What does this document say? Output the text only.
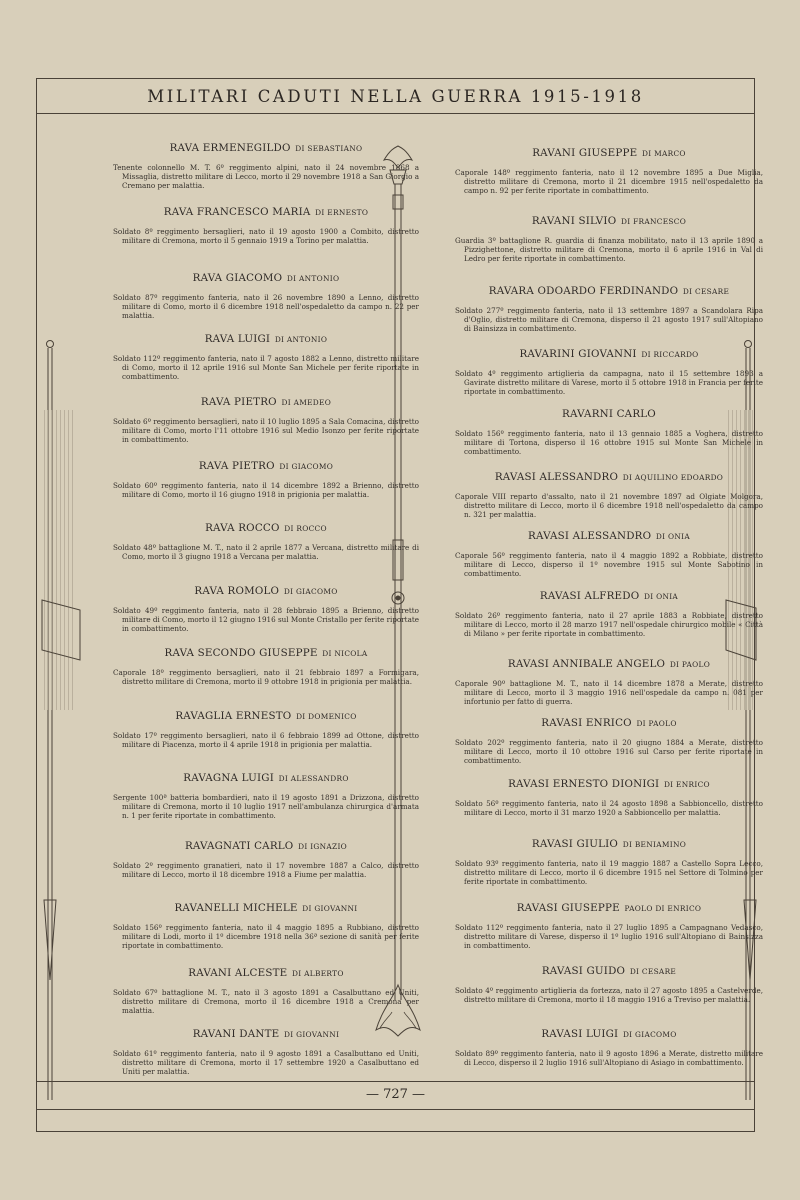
MILITARI CADUTI NELLA GUERRA 1915-1918
RAVA ERMENEGILDO DI SEBASTIANO
Tenente colonnello M. T. 6º reggimento alpini, nato il 24 novembre 1868 a Missaglia, distretto militare di Lecco, morto il 29 novembre 1918 a San Giorgio a Cremano per malattia.
RAVA FRANCESCO MARIA DI ERNESTO
Soldato 8º reggimento bersaglieri, nato il 19 agosto 1900 a Combito, distretto militare di Cremona, morto il 5 gennaio 1919 a Torino per malattia.
RAVA GIACOMO DI ANTONIO
Soldato 87º reggimento fanteria, nato il 26 novembre 1890 a Lenno, distretto militare di Como, morto il 6 dicembre 1918 nell'ospedaletto da campo n. 22 per malattia.
RAVA LUIGI DI ANTONIO
Soldato 112º reggimento fanteria, nato il 7 agosto 1882 a Lenno, distretto militare di Como, morto il 12 aprile 1916 sul Monte San Michele per ferite riportate in combattimento.
RAVA PIETRO DI AMEDEO
Soldato 6º reggimento bersaglieri, nato il 10 luglio 1895 a Sala Comacina, distretto militare di Como, morto l'11 ottobre 1916 sul Medio Isonzo per ferite riportate in combattimento.
RAVA PIETRO DI GIACOMO
Soldato 60º reggimento fanteria, nato il 14 dicembre 1892 a Brienno, distretto militare di Como, morto il 16 giugno 1918 in prigionia per malattia.
RAVA ROCCO DI ROCCO
Soldato 48º battaglione M. T., nato il 2 aprile 1877 a Vercana, distretto militare di Como, morto il 3 giugno 1918 a Vercana per malattia.
RAVA ROMOLO DI GIACOMO
Soldato 49º reggimento fanteria, nato il 28 febbraio 1895 a Brienno, distretto militare di Como, morto il 12 giugno 1916 sul Monte Cristallo per ferite riportate in combattimento.
RAVA SECONDO GIUSEPPE DI NICOLA
Caporale 18º reggimento bersaglieri, nato il 21 febbraio 1897 a Formigara, distretto militare di Cremona, morto il 9 ottobre 1918 in prigionia per malattia.
RAVAGLIA ERNESTO DI DOMENICO
Soldato 17º reggimento bersaglieri, nato il 6 febbraio 1899 ad Ottone, distretto militare di Piacenza, morto il 4 aprile 1918 in prigionia per malattia.
RAVAGNA LUIGI DI ALESSANDRO
Sergente 100ª batteria bombardieri, nato il 19 agosto 1891 a Drizzona, distretto militare di Cremona, morto il 10 luglio 1917 nell'ambulanza chirurgica d'armata n. 1 per ferite riportate in combattimento.
RAVAGNATI CARLO DI IGNAZIO
Soldato 2º reggimento granatieri, nato il 17 novembre 1887 a Calco, distretto militare di Lecco, morto il 18 dicembre 1918 a Fiume per malattia.
RAVANELLI MICHELE DI GIOVANNI
Soldato 156º reggimento fanteria, nato il 4 maggio 1895 a Rubbiano, distretto militare di Lodi, morto il 1º dicembre 1918 nella 36ª sezione di sanità per ferite riportate in combattimento.
RAVANI ALCESTE DI ALBERTO
Soldato 67º battaglione M. T., nato il 3 agosto 1891 a Casalbuttano ed Uniti, distretto militare di Cremona, morto il 16 dicembre 1918 a Cremona per malattia.
RAVANI DANTE DI GIOVANNI
Soldato 61º reggimento fanteria, nato il 9 agosto 1891 a Casalbuttano ed Uniti, distretto militare di Cremona, morto il 17 settembre 1920 a Casalbuttano ed Uniti per malattia.
RAVANI GIUSEPPE DI MARCO
Caporale 148º reggimento fanteria, nato il 12 novembre 1895 a Due Miglia, distretto militare di Cremona, morto il 21 dicembre 1915 nell'ospedaletto da campo n. 92 per ferite riportate in combattimento.
RAVANI SILVIO DI FRANCESCO
Guardia 3º battaglione R. guardia di finanza mobilitato, nato il 13 aprile 1890 a Pizzighettone, distretto militare di Cremona, morto il 6 aprile 1916 in Val di Ledro per ferite riportate in combattimento.
RAVARA ODOARDO FERDINANDO DI CESARE
Soldato 277º reggimento fanteria, nato il 13 settembre 1897 a Scandolara Ripa d'Oglio, distretto militare di Cremona, disperso il 21 agosto 1917 sull'Altopiano di Bainsizza in combattimento.
RAVARINI GIOVANNI DI RICCARDO
Soldato 4º reggimento artiglieria da campagna, nato il 15 settembre 1893 a Gavirate distretto militare di Varese, morto il 5 ottobre 1918 in Francia per ferite riportate in combattimento.
RAVARNI CARLO
Soldato 156º reggimento fanteria, nato il 13 gennaio 1885 a Voghera, distretto militare di Tortona, disperso il 16 ottobre 1915 sul Monte San Michele in combattimento.
RAVASI ALESSANDRO DI AQUILINO EDOARDO
Caporale VIII reparto d'assalto, nato il 21 novembre 1897 ad Olgiate Molgora, distretto militare di Lecco, morto il 6 dicembre 1918 nell'ospedaletto da campo n. 321 per malattia.
RAVASI ALESSANDRO DI ONIA
Caporale 56º reggimento fanteria, nato il 4 maggio 1892 a Robbiate, distretto militare di Lecco, disperso il 1º novembre 1915 sul Monte Sabotino in combattimento.
RAVASI ALFREDO DI ONIA
Soldato 26º reggimento fanteria, nato il 27 aprile 1883 a Robbiate, distretto militare di Lecco, morto il 28 marzo 1917 nell'ospedale chirurgico mobile « Città di Milano » per ferite riportate in combattimento.
RAVASI ANNIBALE ANGELO DI PAOLO
Caporale 90º battaglione M. T., nato il 14 dicembre 1878 a Merate, distretto militare di Lecco, morto il 3 maggio 1916 nell'ospedale da campo n. 081 per infortunio per fatto di guerra.
RAVASI ENRICO DI PAOLO
Soldato 202º reggimento fanteria, nato il 20 giugno 1884 a Merate, distretto militare di Lecco, morto il 10 ottobre 1916 sul Carso per ferite riportate in combattimento.
RAVASI ERNESTO DIONIGI DI ENRICO
Soldato 56º reggimento fanteria, nato il 24 agosto 1898 a Sabbioncello, distretto militare di Lecco, morto il 31 marzo 1920 a Sabbioncello per malattia.
RAVASI GIULIO DI BENIAMINO
Soldato 93º reggimento fanteria, nato il 19 maggio 1887 a Castello Sopra Lecco, distretto militare di Lecco, morto il 6 dicembre 1915 nel Settore di Tolmino per ferite riportate in combattimento.
RAVASI GIUSEPPE PAOLO DI ENRICO
Soldato 112º reggimento fanteria, nato il 27 luglio 1895 a Campagnano Vedasco, distretto militare di Varese, disperso il 1º luglio 1916 sull'Altopiano di Bainsizza in combattimento.
RAVASI GUIDO DI CESARE
Soldato 4º reggimento artiglieria da fortezza, nato il 27 agosto 1895 a Castelverde, distretto militare di Cremona, morto il 18 maggio 1916 a Treviso per malattia.
RAVASI LUIGI DI GIACOMO
Soldato 89º reggimento fanteria, nato il 9 agosto 1896 a Merate, distretto militare di Lecco, disperso il 2 luglio 1916 sull'Altopiano di Asiago in combattimento.
— 727 —
